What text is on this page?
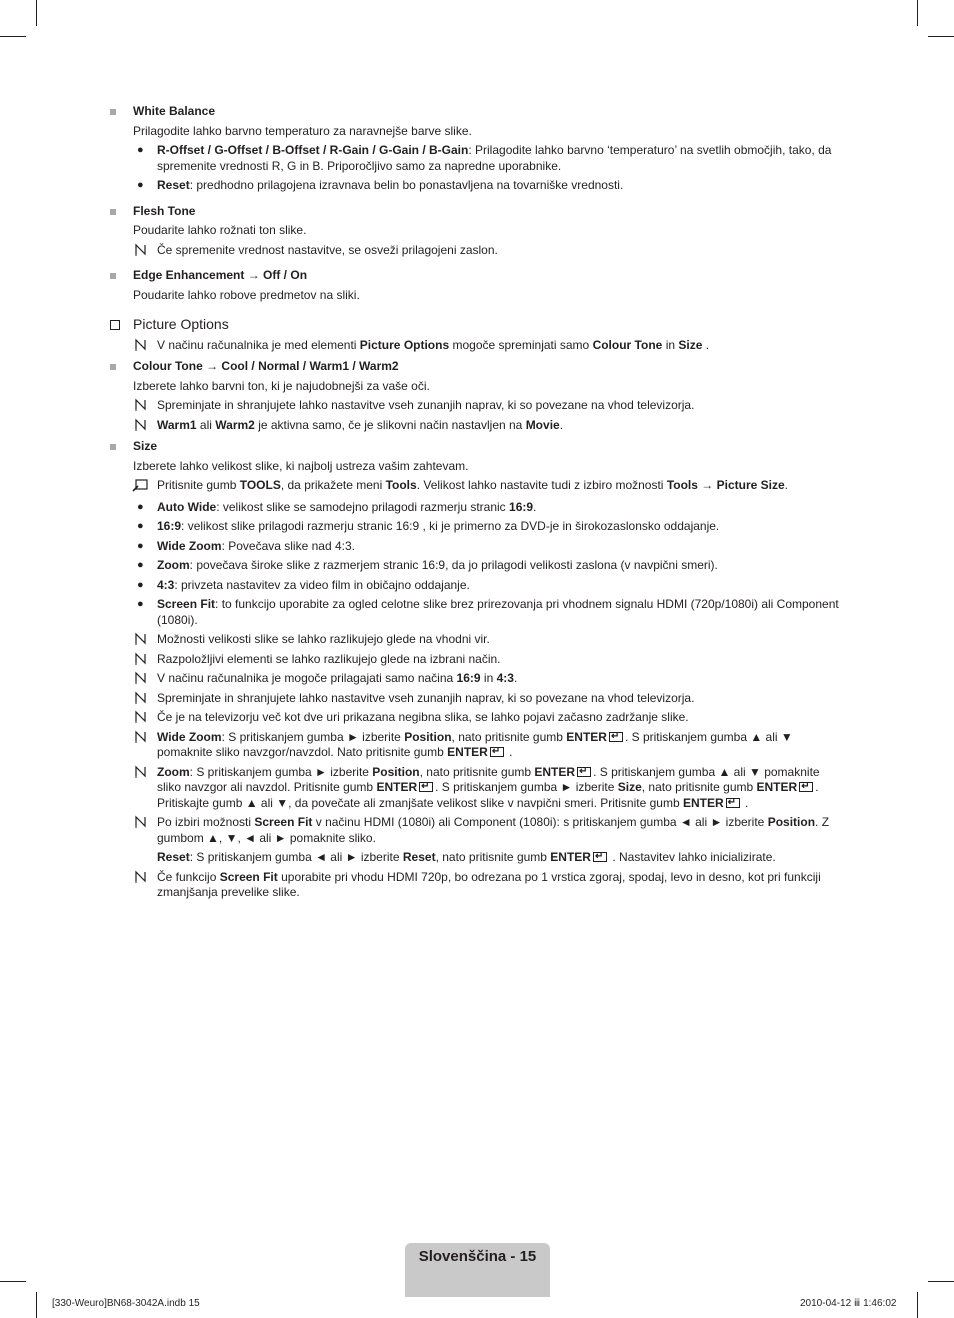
White Balance
Prilagodite lahko barvno temperaturo za naravnejše barve slike.
● R-Offset / G-Offset / B-Offset / R-Gain / G-Gain / B-Gain: Prilagodite lahko barvno ‘temperaturo’ na svetlih območjih, tako, da spremenite vrednosti R, G in B. Priporočljivo samo za napredne uporabnike.
● Reset: predhodno prilagojena izravnava belin bo ponastavljena na tovarniške vrednosti.
Flesh Tone
Poudarite lahko rožnati ton slike.
Če spremenite vrednost nastavitve, se osveži prilagojeni zaslon.
Edge Enhancement → Off / On
Poudarite lahko robove predmetov na sliki.
Picture Options
V načinu računalnika je med elementi Picture Options mogoče spreminjati samo Colour Tone in Size .
Colour Tone → Cool / Normal / Warm1 / Warm2
Izberete lahko barvni ton, ki je najudobnejši za vaše oči.
Spreminjate in shranjujete lahko nastavitve vseh zunanjih naprav, ki so povezane na vhod televizorja.
Warm1 ali Warm2 je aktivna samo, če je slikovni način nastavljen na Movie.
Size
Izberete lahko velikost slike, ki najbolj ustreza vašim zahtevam.
Pritisnite gumb TOOLS, da prikažete meni Tools. Velikost lahko nastavite tudi z izbiro možnosti Tools → Picture Size.
● Auto Wide: velikost slike se samodejno prilagodi razmerju stranic 16:9.
● 16:9: velikost slike prilagodi razmerju stranic 16:9 , ki je primerno za DVD-je in širokozaslonsko oddajanje.
● Wide Zoom: Povečava slike nad 4:3.
● Zoom: povečava široke slike z razmerjem stranic 16:9, da jo prilagodi velikosti zaslona (v navpični smeri).
● 4:3: privzeta nastavitev za video film in običajno oddajanje.
● Screen Fit: to funkcijo uporabite za ogled celotne slike brez prirezovanja pri vhodnem signalu HDMI (720p/1080i) ali Component (1080i).
Možnosti velikosti slike se lahko razlikujejo glede na vhodni vir.
Razpoložljivi elementi se lahko razlikujejo glede na izbrani način.
V načinu računalnika je mogoče prilagajati samo načina 16:9 in 4:3.
Spreminjate in shranjujete lahko nastavitve vseh zunanjih naprav, ki so povezane na vhod televizorja.
Če je na televizorju več kot dve uri prikazana negibna slika, se lahko pojavi začasno zadržanje slike.
Wide Zoom: S pritiskanjem gumba ► izberite Position, nato pritisnite gumb ENTER ↵ . S pritiskanjem gumba ▲ ali ▼ pomaknite sliko navzgor/navzdol. Nato pritisnite gumb ENTER ↵ .
Zoom: S pritiskanjem gumba ► izberite Position, nato pritisnite gumb ENTER ↵ . S pritiskanjem gumba ▲ ali ▼ pomaknite sliko navzgor ali navzdol. Pritisnite gumb ENTER ↵ . S pritiskanjem gumba ► izberite Size, nato pritisnite gumb ENTER ↵ . Pritiskajte gumb ▲ ali ▼, da povečate ali zmanjšate velikost slike v navpični smeri. Pritisnite gumb ENTER↵ .
Po izbiri možnosti Screen Fit v načinu HDMI (1080i) ali Component (1080i): s pritiskanjem gumba ◄ ali ► izberite Position. Z gumbom ▲, ▼, ◄ ali ► pomaknite sliko.
Reset: S pritiskanjem gumba ◄ ali ► izberite Reset, nato pritisnite gumb ENTER ↵ . Nastavitev lahko inicializirate.
Če funkcijo Screen Fit uporabite pri vhodu HDMI 720p, bo odrezana po 1 vrstica zgoraj, spodaj, levo in desno, kot pri funkciji zmanjšanja prevelike slike.
Slovenščina - 15
[330-Weuro]BN68-3042A.indb 15	2010-04-12 ⅲ 1:46:02
